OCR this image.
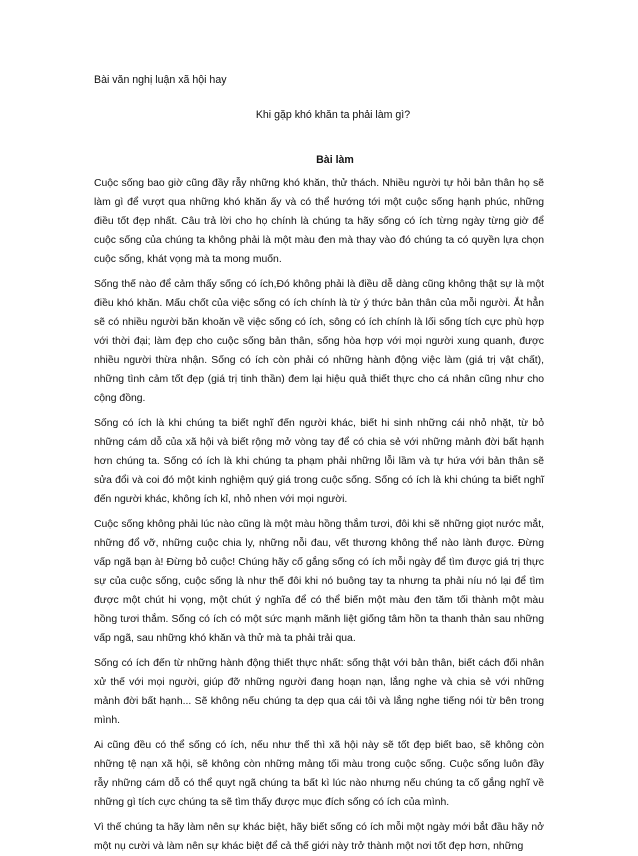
Bài văn nghị luận xã hội hay

Khi gặp khó khăn ta phải làm gì?

Bài làm

Cuộc sống bao giờ cũng đầy rẫy những khó khăn, thử thách. Nhiều người tự hỏi bản thân họ sẽ làm gì để vượt qua những khó khăn ấy và có thể hướng tới một cuộc sống hạnh phúc, những điều tốt đẹp nhất. Câu trả lời cho họ chính là chúng ta hãy sống có ích từng ngày từng giờ để cuộc sống của chúng ta không phải là một màu đen mà thay vào đó chúng ta có quyền lựa chọn cuộc sống, khát vọng mà ta mong muốn.

Sống thế nào để cảm thấy sống có ích,Đó không phải là điều dễ dàng cũng không thật sự là một điều khó khăn. Mấu chốt của việc sống có ích chính là từ ý thức bản thân của mỗi người. Ắt hẳn sẽ có nhiều người băn khoăn về việc sống có ích, sông có ích chính là lối sống tích cực phù hợp với thời đại; làm đẹp cho cuộc sống bản thân, sống hòa hợp với mọi người xung quanh, được nhiều người thừa nhận. Sống có ích còn phải có những hành động việc làm (giá trị vật chất), những tình cảm tốt đẹp (giá trị tinh thần) đem lại hiệu quả thiết thực cho cá nhân cũng như cho cộng đồng.

Sống có ích là khi chúng ta biết nghĩ đến người khác, biết hi sinh những cái nhỏ nhặt, từ bỏ những cám dỗ của xã hội và biết rộng mở vòng tay để có chia sẻ với những mảnh đời bất hạnh hơn chúng ta. Sống có ích là khi chúng ta phạm phải những lỗi lầm và tự hứa với bản thân sẽ sửa đổi và coi đó một kinh nghiệm quý giá trong cuộc sống. Sống có ích là khi chúng ta biết nghĩ đến người khác, không ích kỉ, nhỏ nhen với mọi người.

Cuộc sống không phải lúc nào cũng là một màu hồng thắm tươi, đôi khi sẽ những giọt nước mắt, những đổ vỡ, những cuộc chia ly, những nỗi đau, vết thương không thể nào lành được. Đừng vấp ngã bạn à! Đừng bỏ cuộc! Chúng hãy cố gắng sống có ích mỗi ngày để tìm được giá trị thực sự của cuộc sống, cuộc sống là như thế đôi khi nó buông tay ta nhưng ta phải níu nó lại để tìm được một chút hi vọng, một chút ý nghĩa để có thể biến một màu đen tăm tối thành một màu hồng tươi thắm. Sống có ích có một sức mạnh mãnh liệt giống tâm hồn ta thanh thản sau những vấp ngã, sau những khó khăn và thử mà ta phải trải qua.

Sống có ích đến từ những hành động thiết thực nhất: sống thật với bản thân, biết cách đối nhân xử thế với mọi người, giúp đỡ những người đang hoạn nạn, lắng nghe và chia sẻ với những mảnh đời bất hạnh... Sẽ không nếu chúng ta dẹp qua cái tôi và lắng nghe tiếng nói từ bên trong mình.

Ai cũng đều có thể sống có ích, nếu như thế thì xã hội này sẽ tốt đẹp biết bao, sẽ không còn những tệ nạn xã hội, sẽ không còn những mảng tối màu trong cuộc sống. Cuộc sống luôn đầy rẫy những cám dỗ có thể quyt ngã chúng ta bất kì lúc nào nhưng nếu chúng ta cố gắng nghĩ về những gì tích cực chúng ta sẽ tìm thấy được mục đích sống có ích của mình.

Vì thế chúng ta hãy làm nên sự khác biệt, hãy biết sống có ích mỗi một ngày mới bắt đầu hãy nở một nụ cười và làm nên sự khác biệt để cả thế giới này trở thành một nơi tốt đẹp hơn, những
